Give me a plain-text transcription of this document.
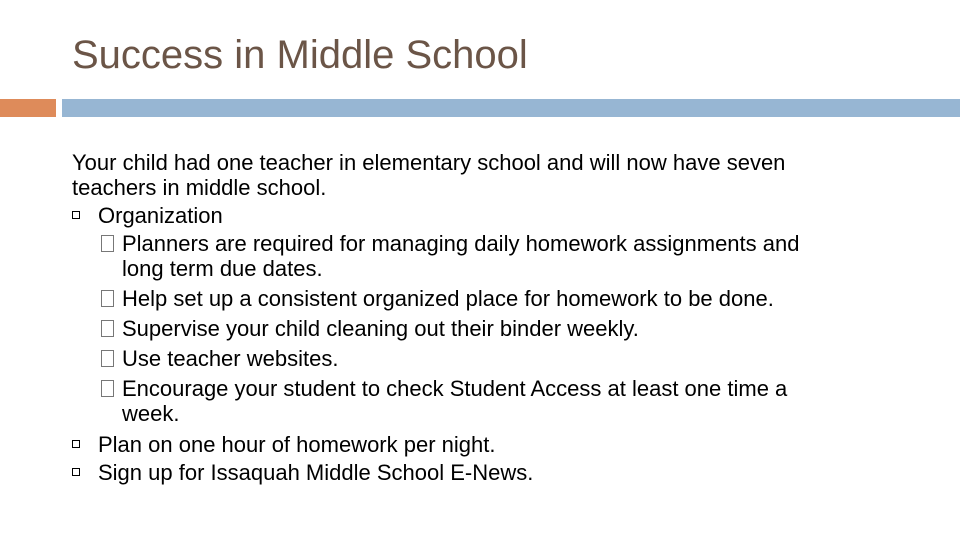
Success in Middle School
Your child had one teacher in elementary school and will now have seven teachers in middle school.
Organization
Planners are required for managing daily homework assignments and long term due dates.
Help set up a consistent organized place for homework to be done.
Supervise your child cleaning out their binder weekly.
Use teacher websites.
Encourage your student to check Student Access at least one time a week.
Plan on one hour of homework per night.
Sign up for Issaquah Middle School E-News.
